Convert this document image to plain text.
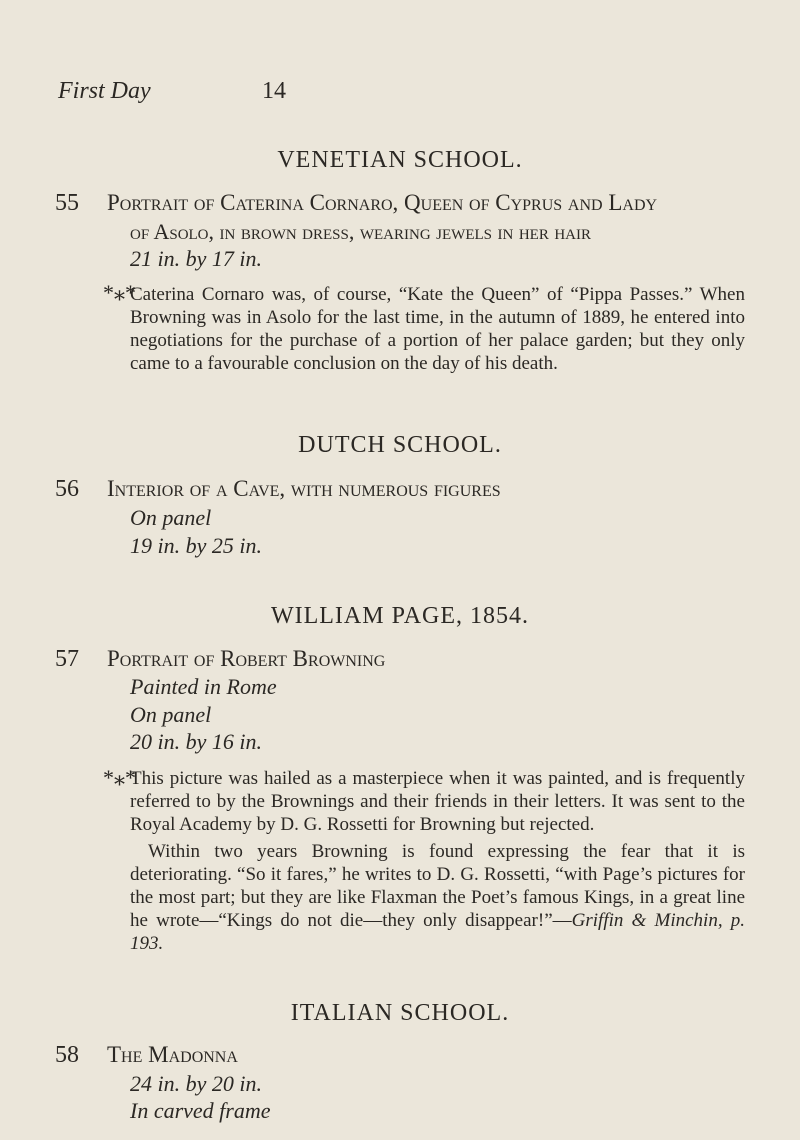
First Day	14
VENETIAN SCHOOL.
55 Portrait of Caterina Cornaro, Queen of Cyprus and Lady
of Asolo, in brown dress, wearing jewels in her hair
21 in. by 17 in.
*⁎*

Caterina Cornaro was, of course, “Kate the Queen” of “Pippa Passes.” When Browning was in Asolo for the last time, in the autumn of 1889, he entered into negotiations for the purchase of a portion of her palace garden; but they only came to a favourable conclusion on the day of his death.

DUTCH SCHOOL.
56 Interior of a Cave, with numerous figures
On panel
19 in. by 25 in.
WILLIAM PAGE, 1854.
57 Portrait of Robert Browning
Painted in Rome
On panel
20 in. by 16 in.
*⁎*

This picture was hailed as a masterpiece when it was painted, and is frequently referred to by the Brownings and their friends in their letters. It was sent to the Royal Academy by D. G. Rossetti for Browning but rejected.

Within two years Browning is found expressing the fear that it is deteriorating. “So it fares,” he writes to D. G. Rossetti, “with Page’s pictures for the most part; but they are like Flaxman the Poet’s famous Kings, in a great line he wrote—“Kings do not die—they only disappear!”—Griffin & Minchin, p. 193.

ITALIAN SCHOOL.
58 The Madonna
24 in. by 20 in.
In carved frame
